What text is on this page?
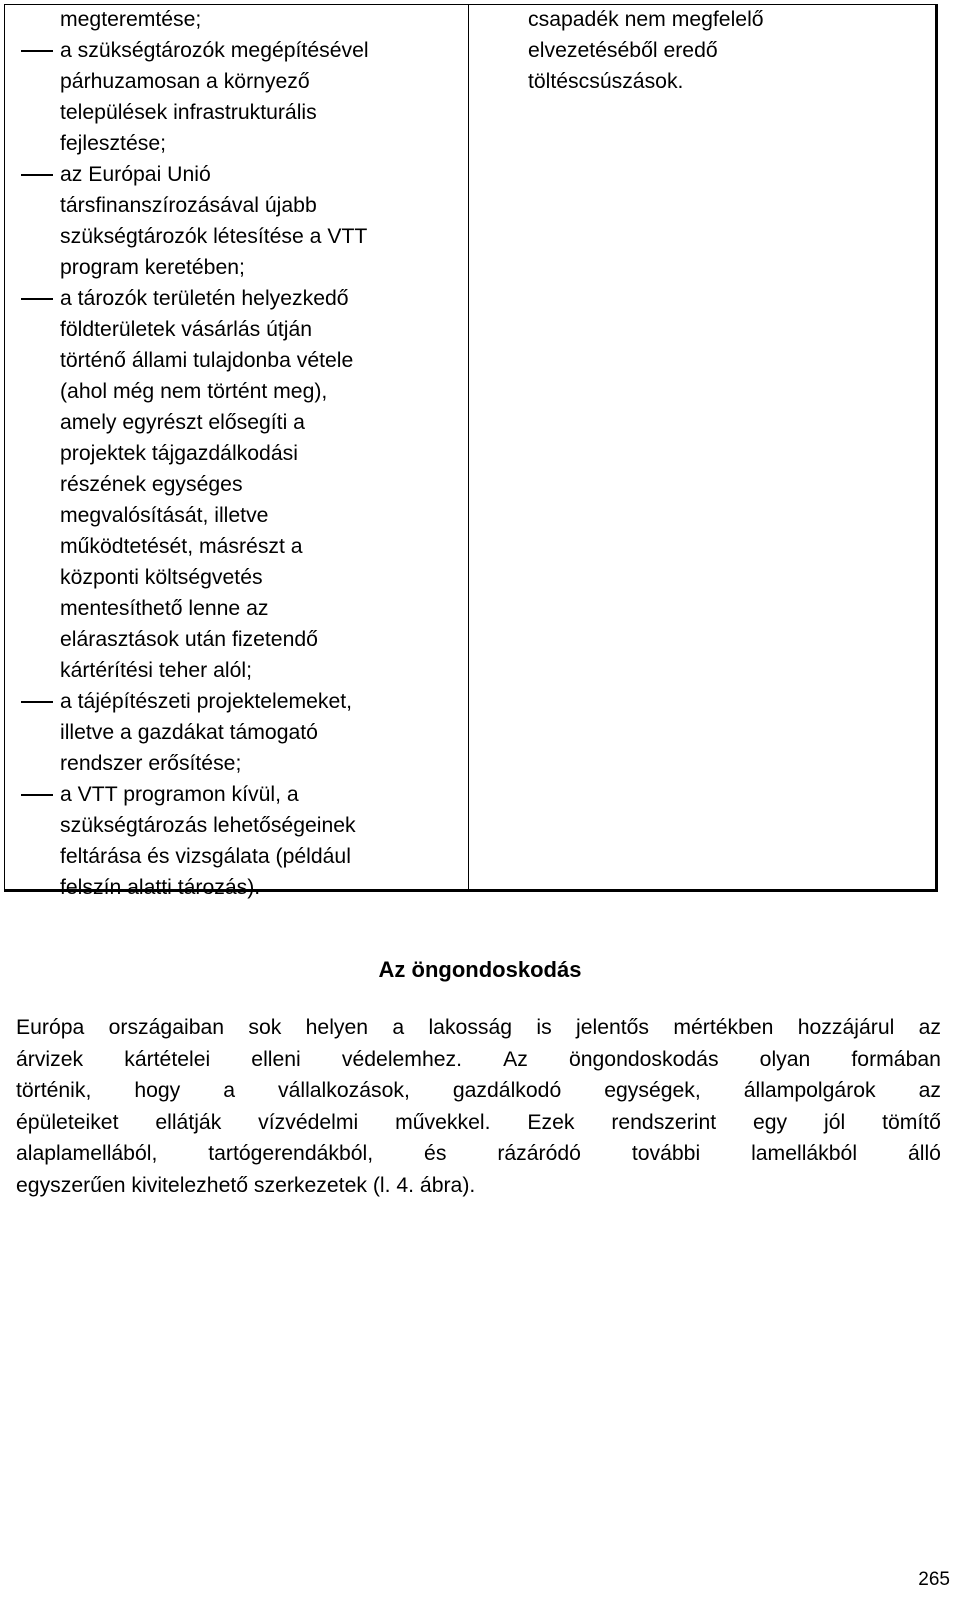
megteremtése;
a szükségtározók megépítésével
párhuzamosan a környező
települések infrastrukturális
fejlesztése;
az Európai Unió
társfinanszírozásával újabb
szükségtározók létesítése a VTT
program keretében;
a tározók területén helyezkedő
földterületek vásárlás útján
történő állami tulajdonba vétele
(ahol még nem történt meg),
amely egyrészt elősegíti a
projektek tájgazdálkodási
részének egységes
megvalósítását, illetve
működtetését, másrészt a
központi költségvetés
mentesíthető lenne az
elárasztások után fizetendő
kártérítési teher alól;
a tájépítészeti projektelemeket,
illetve a gazdákat támogató
rendszer erősítése;
a VTT programon kívül, a
szükségtározás lehetőségeinek
feltárása és vizsgálata (például
felszín alatti tározás).
csapadék nem megfelelő
elvezetéséből eredő
töltéscsúszások.
Az öngondoskodás
Európa országaiban sok helyen a lakosság is jelentős mértékben hozzájárul az
árvizek kártételei elleni védelemhez. Az öngondoskodás olyan formában
történik, hogy a vállalkozások, gazdálkodó egységek, állampolgárok az
épületeiket ellátják vízvédelmi művekkel. Ezek rendszerint egy jól tömítő
alaplamellából, tartógerendákból, és rázáródó további lamellákból álló
egyszerűen kivitelezhető szerkezetek (l. 4. ábra).
265
